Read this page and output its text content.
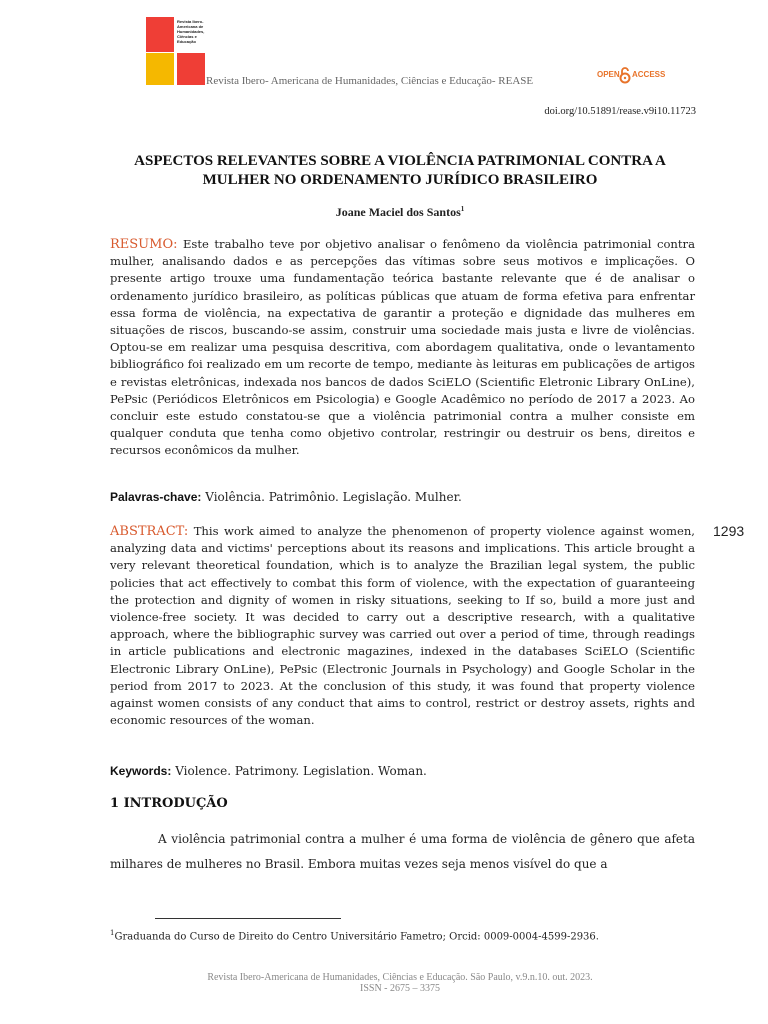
Revista Ibero-Americana de Humanidades, Ciências e Educação
Revista Ibero- Americana de Humanidades, Ciências e Educação- REASE
OPEN ACCESS
doi.org/10.51891/rease.v9i10.11723
ASPECTOS RELEVANTES SOBRE A VIOLÊNCIA PATRIMONIAL CONTRA A
MULHER NO ORDENAMENTO JURÍDICO BRASILEIRO
Joane Maciel dos Santos$^1$
RESUMO: Este trabalho teve por objetivo analisar o fenômeno da violência patrimonial contra mulher, analisando dados e as percepções das vítimas sobre seus motivos e implicações. O presente artigo trouxe uma fundamentação teórica bastante relevante que é de analisar o ordenamento jurídico brasileiro, as políticas públicas que atuam de forma efetiva para enfrentar essa forma de violência, na expectativa de garantir a proteção e dignidade das mulheres em situações de riscos, buscando-se assim, construir uma sociedade mais justa e livre de violências. Optou-se em realizar uma pesquisa descritiva, com abordagem qualitativa, onde o levantamento bibliográfico foi realizado em um recorte de tempo, mediante às leituras em publicações de artigos e revistas eletrônicas, indexada nos bancos de dados SciELO (Scientific Eletronic Library OnLine), PePsic (Periódicos Eletrônicos em Psicologia) e Google Acadêmico no período de 2017 a 2023. Ao concluir este estudo constatou-se que a violência patrimonial contra a mulher consiste em qualquer conduta que tenha como objetivo controlar, restringir ou destruir os bens, direitos e recursos econômicos da mulher.
Palavras-chave: Violência. Patrimônio. Legislação. Mulher.
ABSTRACT: This work aimed to analyze the phenomenon of property violence against women, analyzing data and victims' perceptions about its reasons and implications. This article brought a very relevant theoretical foundation, which is to analyze the Brazilian legal system, the public policies that act effectively to combat this form of violence, with the expectation of guaranteeing the protection and dignity of women in risky situations, seeking to If so, build a more just and violence-free society. It was decided to carry out a descriptive research, with a qualitative approach, where the bibliographic survey was carried out over a period of time, through readings in article publications and electronic magazines, indexed in the databases SciELO (Scientific Electronic Library OnLine), PePsic (Electronic Journals in Psychology) and Google Scholar in the period from 2017 to 2023. At the conclusion of this study, it was found that property violence against women consists of any conduct that aims to control, restrict or destroy assets, rights and economic resources of the woman.
1293
Keywords: Violence. Patrimony. Legislation. Woman.
1 INTRODUÇÃO
A violência patrimonial contra a mulher é uma forma de violência de gênero que afeta milhares de mulheres no Brasil. Embora muitas vezes seja menos visível do que a
$^1$Graduanda do Curso de Direito do Centro Universitário Fametro; Orcid: 0009-0004-4599-2936.
Revista Ibero-Americana de Humanidades, Ciências e Educação. São Paulo, v.9.n.10. out. 2023.
ISSN - 2675 – 3375
